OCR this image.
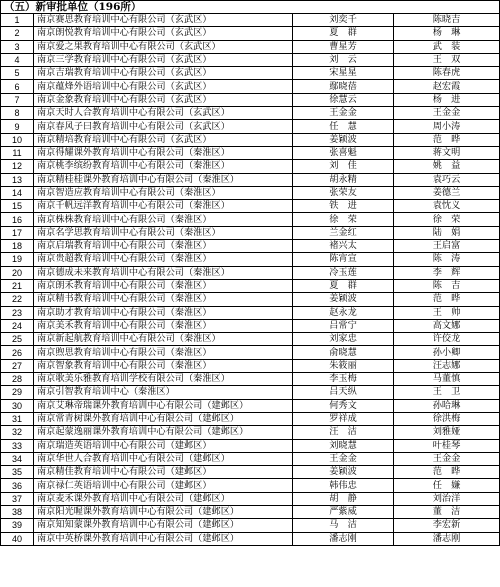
（五）新审批单位（196所）
1	南京赛思教育培训中心有限公司（玄武区）	刘奕千	陈晓吉
2	南京朗悦教育培训中心有限公司（玄武区）	夏　群	杨　琳
3	南京爱之果教育培训中心有限公司（玄武区）	曹星芳	武　装
4	南京三学教育培训中心有限公司（玄武区）	刘　云	王　双
5	南京吉瑞教育培训中心有限公司（玄武区）	宋星星	陈春虎
6	南京蕴烽外语培训中心有限公司（玄武区）	鄢晓蓓	赵宏霞
7	南京金象教育培训中心有限公司（玄武区）	徐慧云	杨　进
8	南京天时人合教育培训中心有限公司（玄武区）	王金金	王金金
9	南京春风子曰教育培训中心有限公司（玄武区）	任　慧	周小涛
10	南京精培教育培训中心有限公司（玄武区）	姜颖波	范　晔
11	南京得耀课外教育培训中心有限公司（秦淮区）	张喜魁	蒋文明
12	南京桃李缤纷教育培训中心有限公司（秦淮区）	刘　佳	姚　益
13	南京精桂桂课外教育培训中心有限公司（秦淮区）	胡永精	袁巧云
14	南京智造应教育培训中心有限公司（秦淮区）	张荣友	姜德兰
15	南京千帆远洋教育培训中心有限公司（秦淮区）	铁　进	袁忱义
16	南京株株教育培训中心有限公司（秦淮区）	徐　荣	徐　荣
17	南京名学思教育培训中心有限公司（秦淮区）	兰金红	陆　娟
18	南京启瑞教育培训中心有限公司（秦淮区）	褚兴太	王启富
19	南京贵超教育培训中心有限公司（秦淮区）	陈宵宣	陈　涛
20	南京德成未来教育培训中心有限公司（秦淮区）	冷玉莲	李　辉
21	南京朗禾教育培训中心有限公司（秦淮区）	夏　群	陈　吉
22	南京精书教育培训中心有限公司（秦淮区）	姜颖波	范　晔
23	南京助才教育培训中心有限公司（秦淮区）	赵永龙	王　帅
24	南京美禾教育培训中心有限公司（秦淮区）	吕常宁	高文娜
25	南京新起航教育培训中心有限公司（秦淮区）	刘家忠	许佼龙
26	南京煦思教育培训中心有限公司（秦淮区）	俞晓慧	孙小卿
27	南京智象教育培训中心有限公司（秦淮区）	朱筱丽	汪志娜
28	南京歌美乐雅教育培训学校有限公司（秦淮区）	李玉梅	马董慎
29	南京引智教育培训中心（秦淮区）	吕天纵	王　卫
30	南京艾琳帝瑞课外教育培训中心有限公司（建邺区）	何秀文	孙哈琳
31	南京常青树课外教育培训中心有限公司（建邺区）	罗祥成	徐洪梅
32	南京起蒙逸丽课外教育培训中心有限公司（建邺区）	汪　洁	刘雅娅
33	南京瑞造英语培训中心有限公司（建邺区）	刘晓慧	叶桂琴
34	南京华世人合教育培训中心有限公司（建邺区）	王金金	王金金
35	南京精佳教育培训中心有限公司（建邺区）	姜颖波	范　晔
36	南京禄仁英语培训中心有限公司（建邺区）	韩伟忠	任　嫌
37	南京麦禾课外教育培训中心有限公司（建邺区）	胡　静	刘治洋
38	南京阳光喔课外教育培训中心有限公司（建邺区）	严紫威	董　洁
39	南京知知蒙课外教育培训中心有限公司（建邺区）	马　洁	李宏新
40	南京中英桥课外教育培训中心有限公司（建邺区）	潘志刚	潘志刚
